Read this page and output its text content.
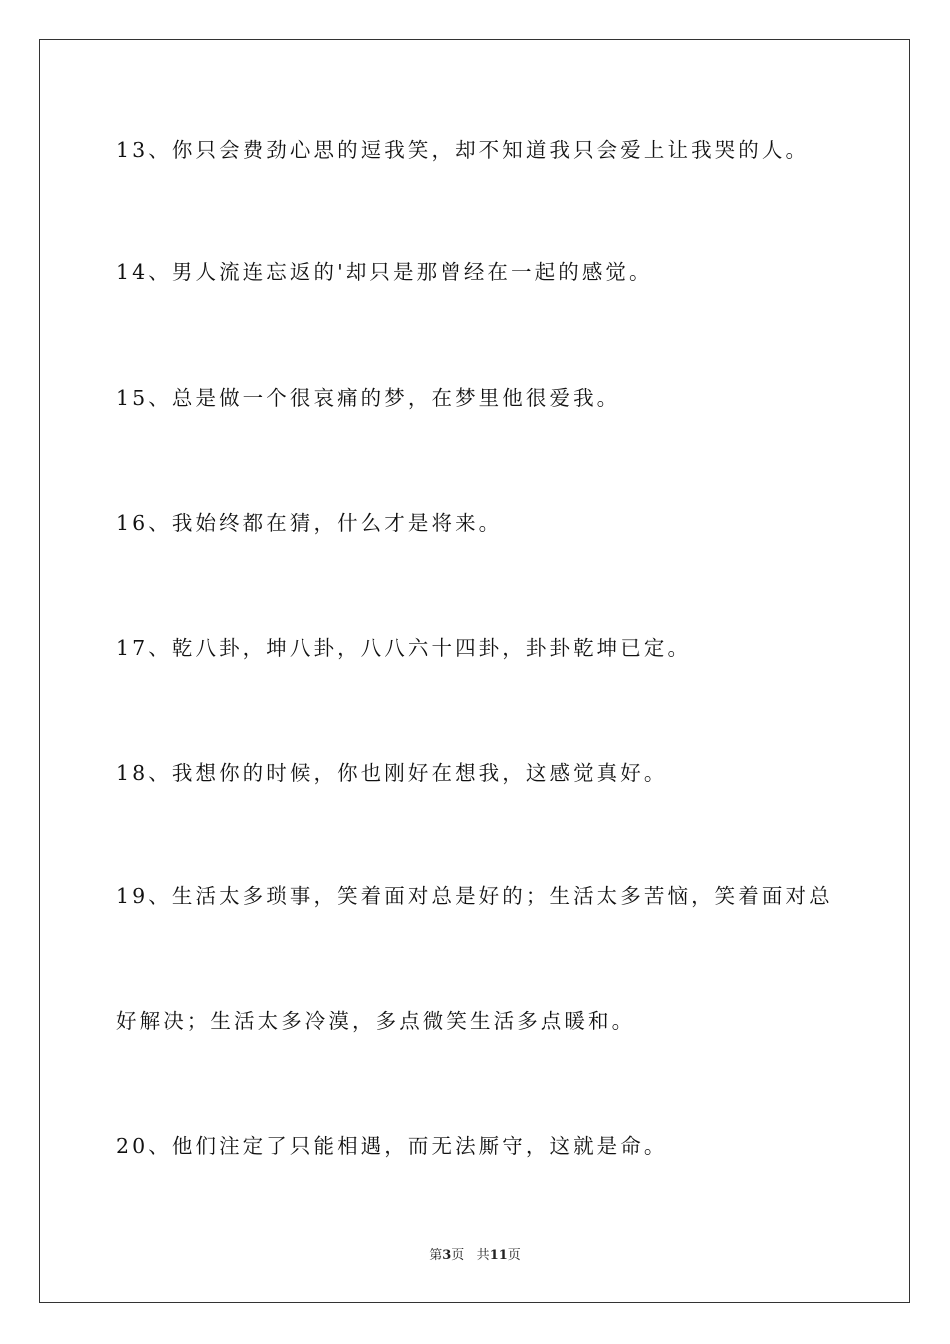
13、你只会费劲心思的逗我笑，却不知道我只会爱上让我哭的人。
14、男人流连忘返的'却只是那曾经在一起的感觉。
15、总是做一个很哀痛的梦，在梦里他很爱我。
16、我始终都在猜，什么才是将来。
17、乾八卦，坤八卦，八八六十四卦，卦卦乾坤已定。
18、我想你的时候，你也刚好在想我，这感觉真好。
19、生活太多琐事，笑着面对总是好的；生活太多苦恼，笑着面对总
好解决；生活太多冷漠，多点微笑生活多点暖和。
20、他们注定了只能相遇，而无法厮守，这就是命。
第3页 共11页
